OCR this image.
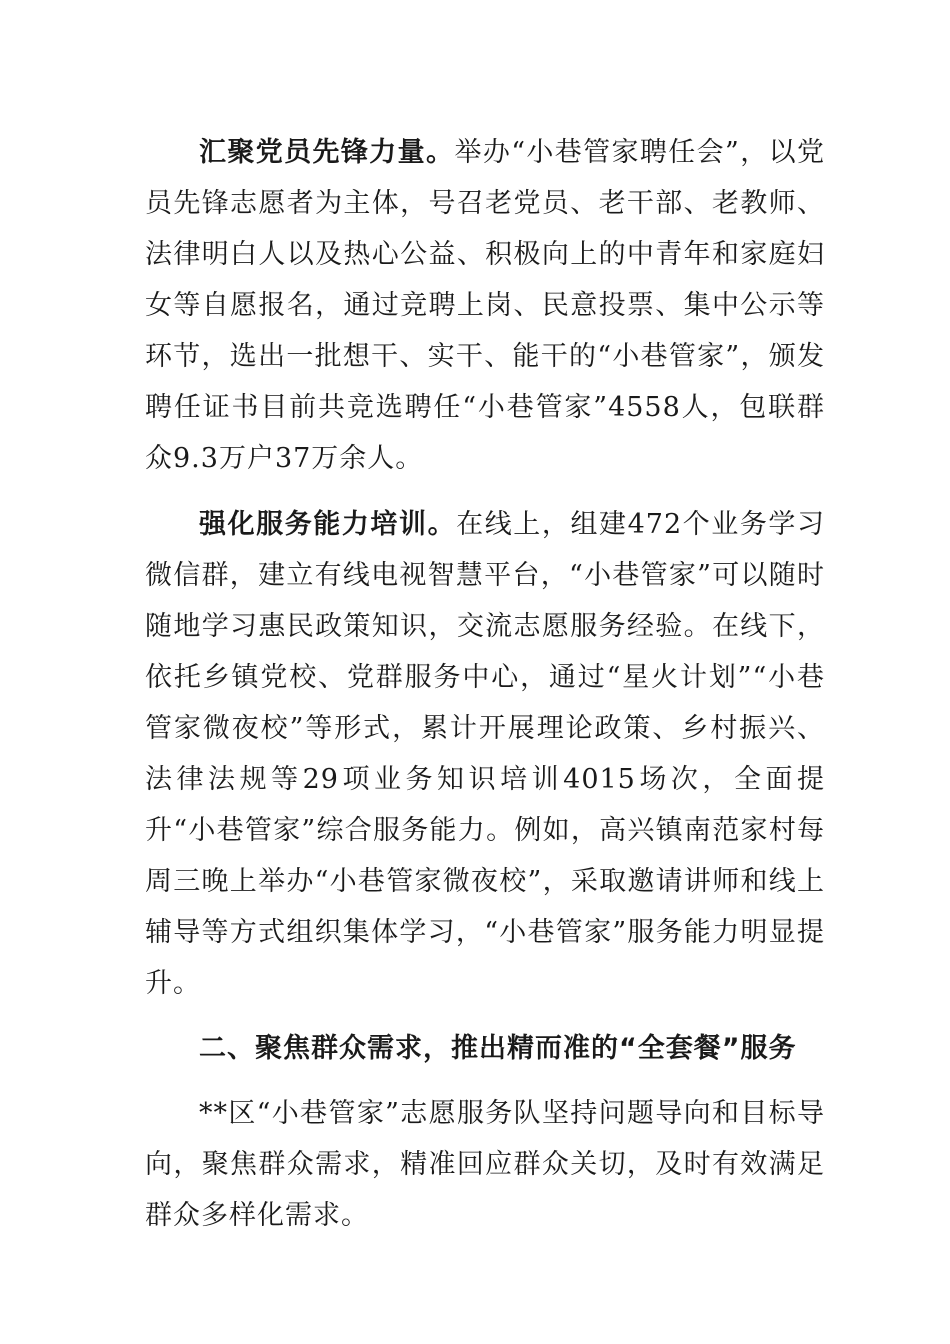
汇聚党员先锋力量。举办“小巷管家聘任会”，以党员先锋志愿者为主体，号召老党员、老干部、老教师、法律明白人以及热心公益、积极向上的中青年和家庭妇女等自愿报名，通过竞聘上岗、民意投票、集中公示等环节，选出一批想干、实干、能干的“小巷管家”，颁发聘任证书目前共竞选聘任“小巷管家”4558人，包联群众9.3万户37万余人。

强化服务能力培训。在线上，组建472个业务学习微信群，建立有线电视智慧平台，“小巷管家”可以随时随地学习惠民政策知识，交流志愿服务经验。在线下，依托乡镇党校、党群服务中心，通过“星火计划”“小巷管家微夜校”等形式，累计开展理论政策、乡村振兴、法律法规等29项业务知识培训4015场次，全面提升“小巷管家”综合服务能力。例如，高兴镇南范家村每周三晚上举办“小巷管家微夜校”，采取邀请讲师和线上辅导等方式组织集体学习，“小巷管家”服务能力明显提升。

二、聚焦群众需求，推出精而准的“全套餐”服务

**区“小巷管家”志愿服务队坚持问题导向和目标导向，聚焦群众需求，精准回应群众关切，及时有效满足群众多样化需求。
